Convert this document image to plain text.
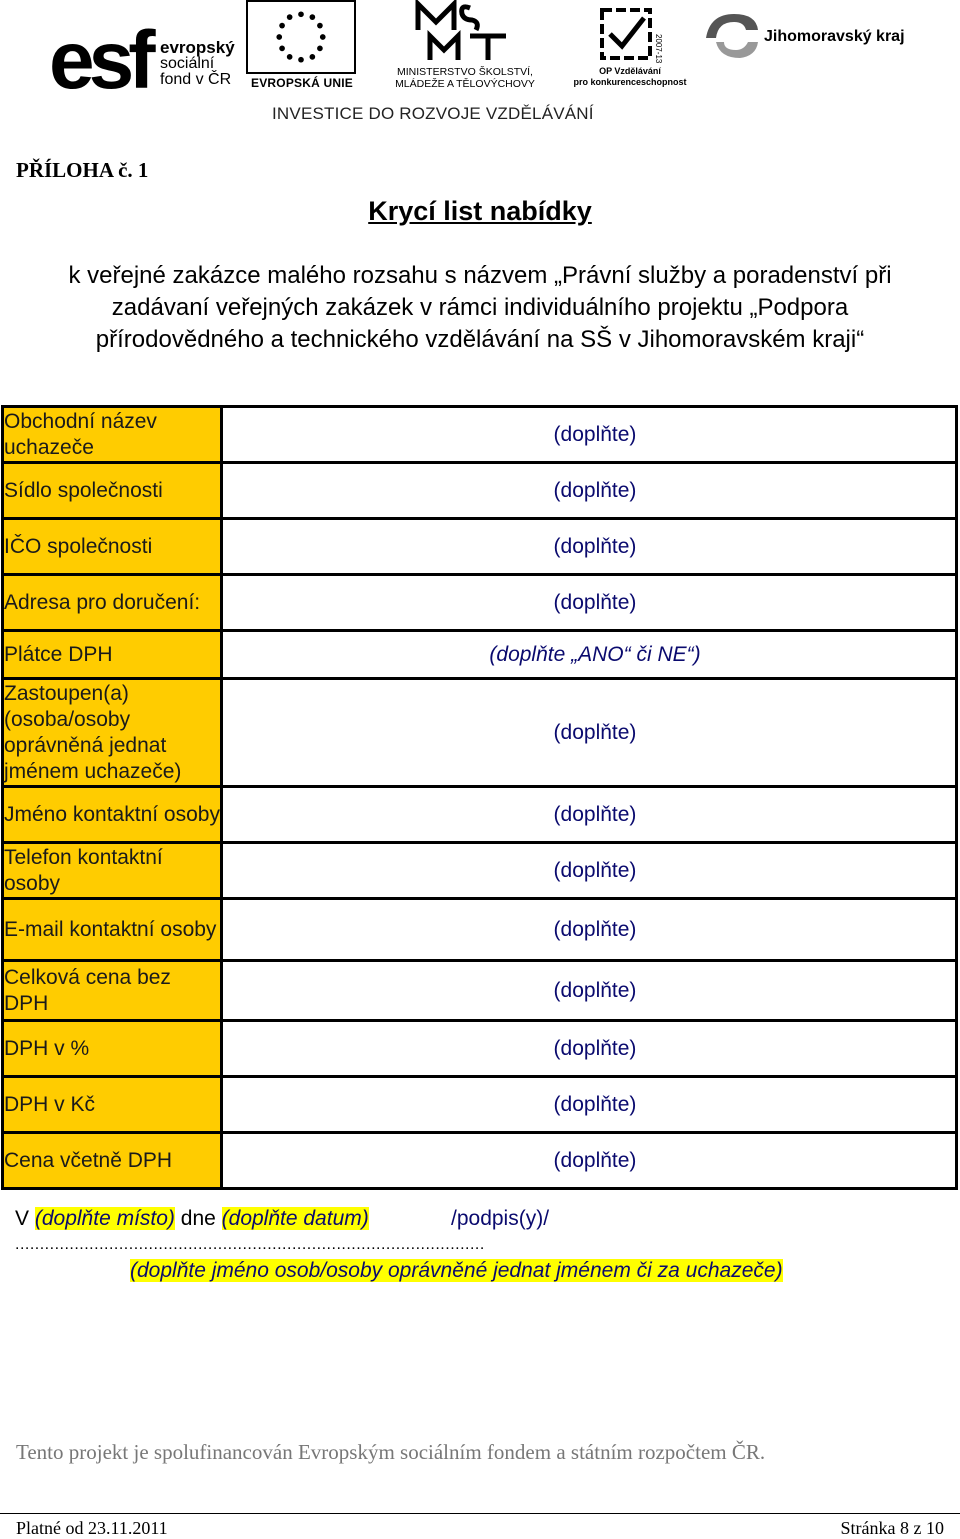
esf evropský
sociální
fond v ČR	EVROPSKÁ UNIE
MINISTERSTVO ŠKOLSTVÍ,
MLÁDEŽE A TĚLOVÝCHOVY
2007-13
OP Vzdělávání
pro konkurenceschopnost
Jihomoravský kraj
INVESTICE DO ROZVOJE VZDĚLÁVÁNÍ
PŘÍLOHA č. 1
Krycí list nabídky
k veřejné zakázce malého rozsahu s názvem „Právní služby a poradenství při zadávaní veřejných zakázek v rámci individuálního projektu „Podpora přírodovědného a technického vzdělávání na SŠ v Jihomoravském kraji“
Obchodní název uchazeče	(doplňte)
Sídlo společnosti	(doplňte)
IČO společnosti	(doplňte)
Adresa pro doručení:	(doplňte)
Plátce DPH	(doplňte „ANO“ či NE“)
Zastoupen(a) (osoba/osoby oprávněná jednat jménem uchazeče)	(doplňte)
Jméno kontaktní osoby	(doplňte)
Telefon kontaktní osoby	(doplňte)
E-mail kontaktní osoby	(doplňte)
Celková cena bez DPH	(doplňte)
DPH v %	(doplňte)
DPH v Kč	(doplňte)
Cena včetně DPH	(doplňte)
V (doplňte místo) dne (doplňte datum)	/podpis(y)/
...............................................................................................
(doplňte jméno osob/osoby oprávněné jednat jménem či za uchazeče)
Tento projekt je spolufinancován Evropským sociálním fondem a státním rozpočtem ČR.
Platné od 23.11.2011	Stránka 8 z 10
